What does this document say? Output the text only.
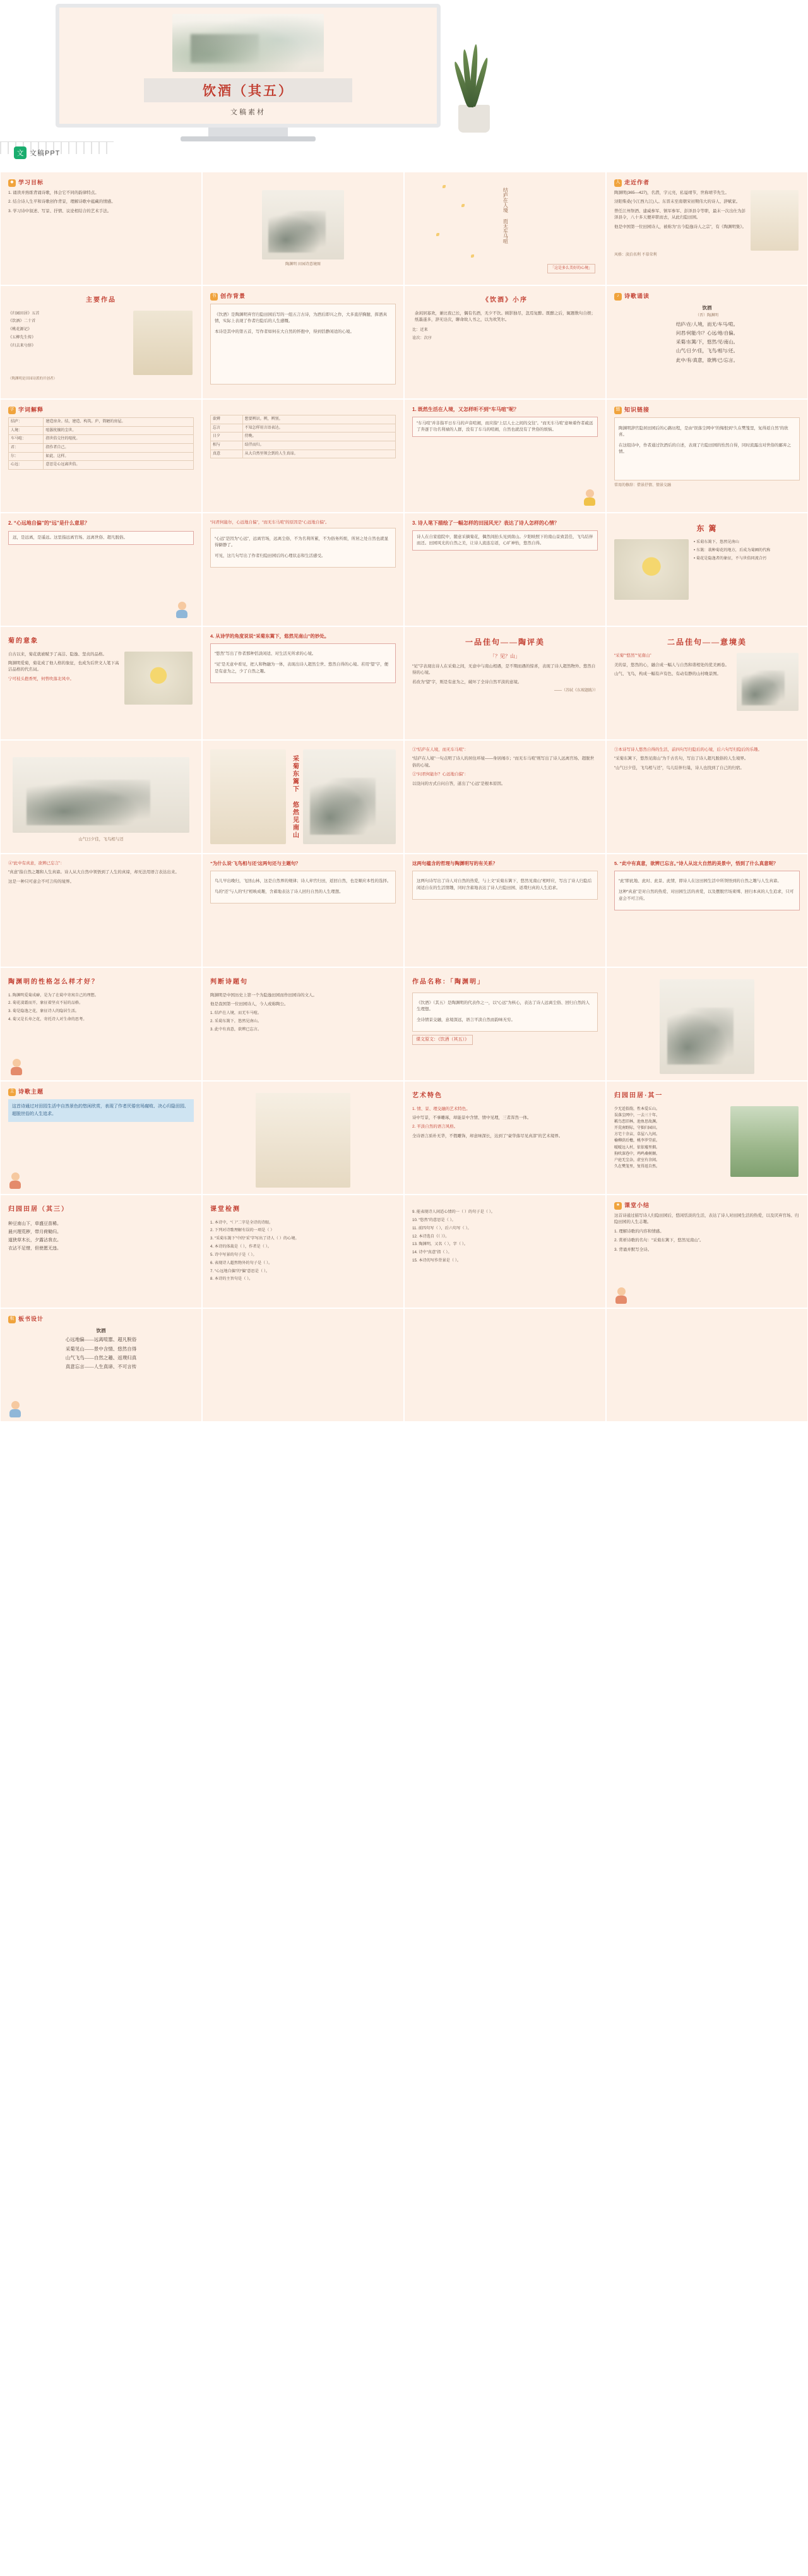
饮酒（其五）
文稿素材
文 文稿PPT
◆ 学习目标

1. 诵读并熟练背诵诗歌，体会它不同的韵律特点。

2. 结合诗人生平和诗歌创作背景，理解诗歌中蕴藏的情感。

3. 学习诗中叙述、写景、抒情、议论相结合的艺术手法。

陶渊明 田园诗意境图
结庐在人境 而无车马喧
「这是多么美好的心境」
人 走近作者

陶渊明(365—427)，名潜，字元亮，私谥靖节，世称靖节先生。

浔阳柴桑(今江西九江)人。东晋末至南朝宋初期伟大的诗人、辞赋家。

曾任江州祭酒、建威参军、镇军参军、彭泽县令等职，最末一次出仕为彭泽县令，八十多天便弃职而去，从此归隐田园。

他是中国第一位田园诗人，被称为“古今隐逸诗人之宗”，有《陶渊明集》。

风格：淡泊名利 不慕荣利
主要作品
《归园田居》五首
《饮酒》二十首
《桃花源记》
《五柳先生传》
《归去来兮辞》
（陶渊明是田园诗派的开创者）
书 创作背景

《饮酒》是陶渊明弃官归隐田园后写的一组五言古诗，为酒后即兴之作，大多直抒胸臆，挥洒真情，实际上表现了作者归隐后的人生感慨。

本诗是其中的第五首，写作者如何在大自然的怀抱中，得到恬静闲适的心境。

《饮酒》小序

余闲居寡欢，兼比夜已长，偶有名酒，无夕不饮。顾影独尽，忽焉复醉。既醉之后，辄题数句自娱；纸墨遂多，辞无诠次，聊命故人书之，以为欢笑尔。

比：近来
诠次：次序
♪ 诗歌诵读
饮酒
（晋）陶渊明
结庐/在/人境，而无/车马/喧。
问君/何能/尔？心远/地/自偏。
采菊/东篱/下，悠然/见/南山。
山气/日夕/佳，飞鸟/相与/还。
此中/有/真意，欲辨/已/忘言。
字 字词解释
结庐：	建造房舍。结，建造、构筑。庐，简陋的房屋。
人境：	喧嚣扰攘的尘世。
车马喧：	指世俗交往的喧扰。
君：	指作者自己。
尔：	如此、这样。
心远：	意思是心远离世俗。
欲辨	想要辨识。辨，辨别。
忘言	不知怎样用言语表达。
日夕	傍晚。
相与	结伴而归。
真意	从大自然里领会到的人生真谛。
1. 既然生活在人境，又怎样听不到“车马喧”呢？
“车马喧”并非指平日车马的声音喧闹，而应指“上层人士之间的交往”。“而无车马喧”意味着作者疏远了奔逐于功名利禄的人群，没有了车马的喧闹，自然也就没有了世俗的烦恼。
链 知识链接

陶渊明辞官隐居田园后的心路历程，是由“误落尘网中”的悔恨到“久在樊笼里，复得返自然”的欣喜。

在这组诗中，作者通过饮酒后的自述，表现了归隐田园的怡然自得，同时流露出对世俗的鄙弃之情。

常用的修辞：借景抒情、情景交融
2. “心远地自偏”的“远”是什么意思？
远，是远离，是遥远。这里指远离官场、远离世俗、超凡脱俗。
“问君何能尔，心远地自偏”，“而无车马喧”的原因是“心远地自偏”。

“心远”是因为“心远”，远离官场，远离尘俗，不为名利所累，不为俗务所烦，所居之处自然也就显得僻静了。

可见，这几句写出了作者归隐田园后的心理状态和生活感受。

3. 诗人笔下描绘了一幅怎样的田园风光？表达了诗人怎样的心情？
诗人在自家庭院中，随意采摘菊花，偶然间抬头见到南山。夕阳映照下的南山景致甚佳，飞鸟结伴而还。田园风光的自然之美，让诗人流连忘返，心旷神怡，悠然自得。
东 篱
• 采菊东篱下，悠然见南山
• 东篱：栽种菊花的地方，后成为菊圃的代称
• 菊花是隐逸者的象征，不与世俗同流合污
菊的意象

自古以来，菊花就被赋予了高洁、隐逸、坚贞的品格。

陶渊明爱菊，菊花成了他人格的象征，也成为后世文人笔下高洁品格的代名词。

宁可枝头抱香死，何曾吹落北风中。

4. 从诗学的角度说说“采菊东篱下，悠然见南山”的妙处。

“悠然”写出了作者那种恬淡闲适、对生活无所求的心境。

“见”是无意中看见，把人和物融为一体，表现出诗人超然尘世、悠然自得的心境。若用“望”字，便是有意为之，少了自然之趣。

一品佳句——陶评美
「？见？山」

“见”字表现出诗人在采菊之间，无意中与南山相遇，是不期而遇的惊喜，表现了诗人超然物外、悠然自得的心境。

若改为“望”字，则是有意为之，破坏了全诗自然平淡的意境。

——（苏轼《东坡题跋》）
二品佳句——意境美

“采菊”“悠然”“见南山”

美的景，悠然的心，融合成一幅人与自然和谐相处的优美画卷。

山气、飞鸟，构成一幅有声有色、有动有静的山村晚景图。

山气日夕佳，飞鸟相与还
采菊东篱下 悠然见南山

①“结庐在人境，而无车马喧”：

“结庐在人境”一句点明了诗人的居住环境——身居闹市；“而无车马喧”则写出了诗人远离官场、超脱世俗的心境。

②“问君何能尔？心远地自偏”：

以设问的方式自问自答，道出了“心远”是根本原因。

③本诗写诗人悠然自得的生活，前四句写归隐后的心境，后六句写归隐后的乐趣。

“采菊东篱下，悠然见南山”为千古名句，写出了诗人超凡脱俗的人生境界。

“山气日夕佳，飞鸟相与还”，鸟儿结伴归巢，诗人也找到了自己的归宿。

④“此中有真意，欲辨已忘言”：

“真意”指自然之趣和人生真谛。诗人从大自然中领悟到了人生的真谛，却无法用语言表达出来。

这是一种只可意会不可言传的境界。

“为什么说‘飞鸟相与还’这两句还与主题句？

鸟儿早出晚归，飞回山林，这是自然界的规律；诗人弃官归田，返回自然，也是顺应本性的选择。

鸟的“还”与人的“归”相映成趣，含蓄地表达了诗人回归自然的人生理想。

这两句蕴含的哲理与陶渊明写的有关系？

这两句诗写出了诗人对自然的热爱，与上文“采菊东篱下，悠然见南山”相呼应，写出了诗人归隐后闲适自在的生活情趣，同时含蓄地表达了诗人归隐田园、返璞归真的人生追求。

5. “此中有真意，欲辨已忘言。”诗人从这大自然的美景中，悟到了什么真意呢？

“此”即此地、此时、此景、此情，即诗人在这田园生活中所领悟到的自然之趣与人生真谛。

这种“真意”是对自然的热爱、对田园生活的喜爱，以及摆脱官场束缚、回归本真的人生追求，只可意会不可言传。

陶渊明的性格怎么样才好？
1. 陶渊明爱菊成癖，是为了在菊中寄寓自己的理想。
2. 菊花凌霜而开，象征着坚贞不屈的品格。
3. 菊是隐逸之花，象征诗人的隐居生活。
4. 菊又是长寿之花，寄托诗人对生命的思考。
判断诗题句

陶渊明是中国历史上第一个为隐逸田园而作田园诗的文人。

他是我国第一位田园诗人，今人或称陶公。

1. 结庐在人境，而无车马喧。
2. 采菊东篱下，悠然见南山。
3. 此中有真意，欲辨已忘言。
作品名称：「陶渊明」

《饮酒》（其五）是陶渊明的代表作之一，以“心远”为核心，表达了诗人远离尘俗、回归自然的人生理想。

全诗情景交融，意境深远，语言平淡自然而韵味无穷。

课文原文：《饮酒（其五）》
主 诗歌主题
这首诗通过对田园生活中自然景色的悠闲欣赏，表现了作者厌倦官场腐败、决心归隐田园、超脱世俗的人生追求。
艺术特色

1. 情、景、理交融的艺术特色。

诗中写景，不事雕琢，却能景中含情、情中见理，三者浑然一体。

2. 平淡自然的语言风格。

全诗语言质朴无华，不假雕饰，却意味深长，达到了“豪华落尽见真淳”的艺术境界。

归园田居·其一
少无适俗韵，性本爱丘山。
误落尘网中，一去三十年。
羁鸟恋旧林，池鱼思故渊。
开荒南野际，守拙归园田。
方宅十余亩，草屋八九间。
榆柳荫后檐，桃李罗堂前。
暧暧远人村，依依墟里烟。
狗吠深巷中，鸡鸣桑树颠。
户庭无尘杂，虚室有余闲。
久在樊笼里，复得返自然。
归园田居（其三）
种豆南山下，草盛豆苗稀。
晨兴理荒秽，带月荷锄归。
道狭草木长，夕露沾我衣。
衣沾不足惜，但使愿无违。
课堂检测
1. 本诗中，“（ ）”二字是全诗的诗眼。
2. 下列对诗歌理解有误的一项是（ ）
3. “采菊东篱下”中的“采”字写出了诗人（ ）的心境。
4. 本诗的体裁是（ ），作者是（ ）。
5. 诗中写景的句子是（ ）。
6. 表现诗人超然物外的句子是（ ）。
7. “心远地自偏”的“偏”意思是（ ）。
8. 本诗的主旨句是（ ）。
9. 能表现诗人闲适心情的一（ ）的句子是（ ）。
10. “悠然”的意思是（ ）。
11. 前四句写（ ），后六句写（ ）。
12. 本诗选自《（ ）》。
13. 陶渊明，又名（ ），字（ ）。
14. 诗中“真意”指（ ）。
15. 本诗的写作背景是（ ）。
★ 课堂小结

这首诗通过描写诗人归隐田园后，悠闲恬淡的生活，表达了诗人对田园生活的热爱，以及厌弃官场、归隐田园的人生志趣。

1. 理解诗歌的内容和情感。

2. 赏析诗歌的名句：“采菊东篱下，悠然见南山”。

3. 背诵并默写全诗。

板 板书设计
饮酒
心远地偏——远离喧嚣、超凡脱俗
采菊见山——景中含情、悠然自得
山气飞鸟——自然之趣、返璞归真
真意忘言——人生真谛、不可言传
